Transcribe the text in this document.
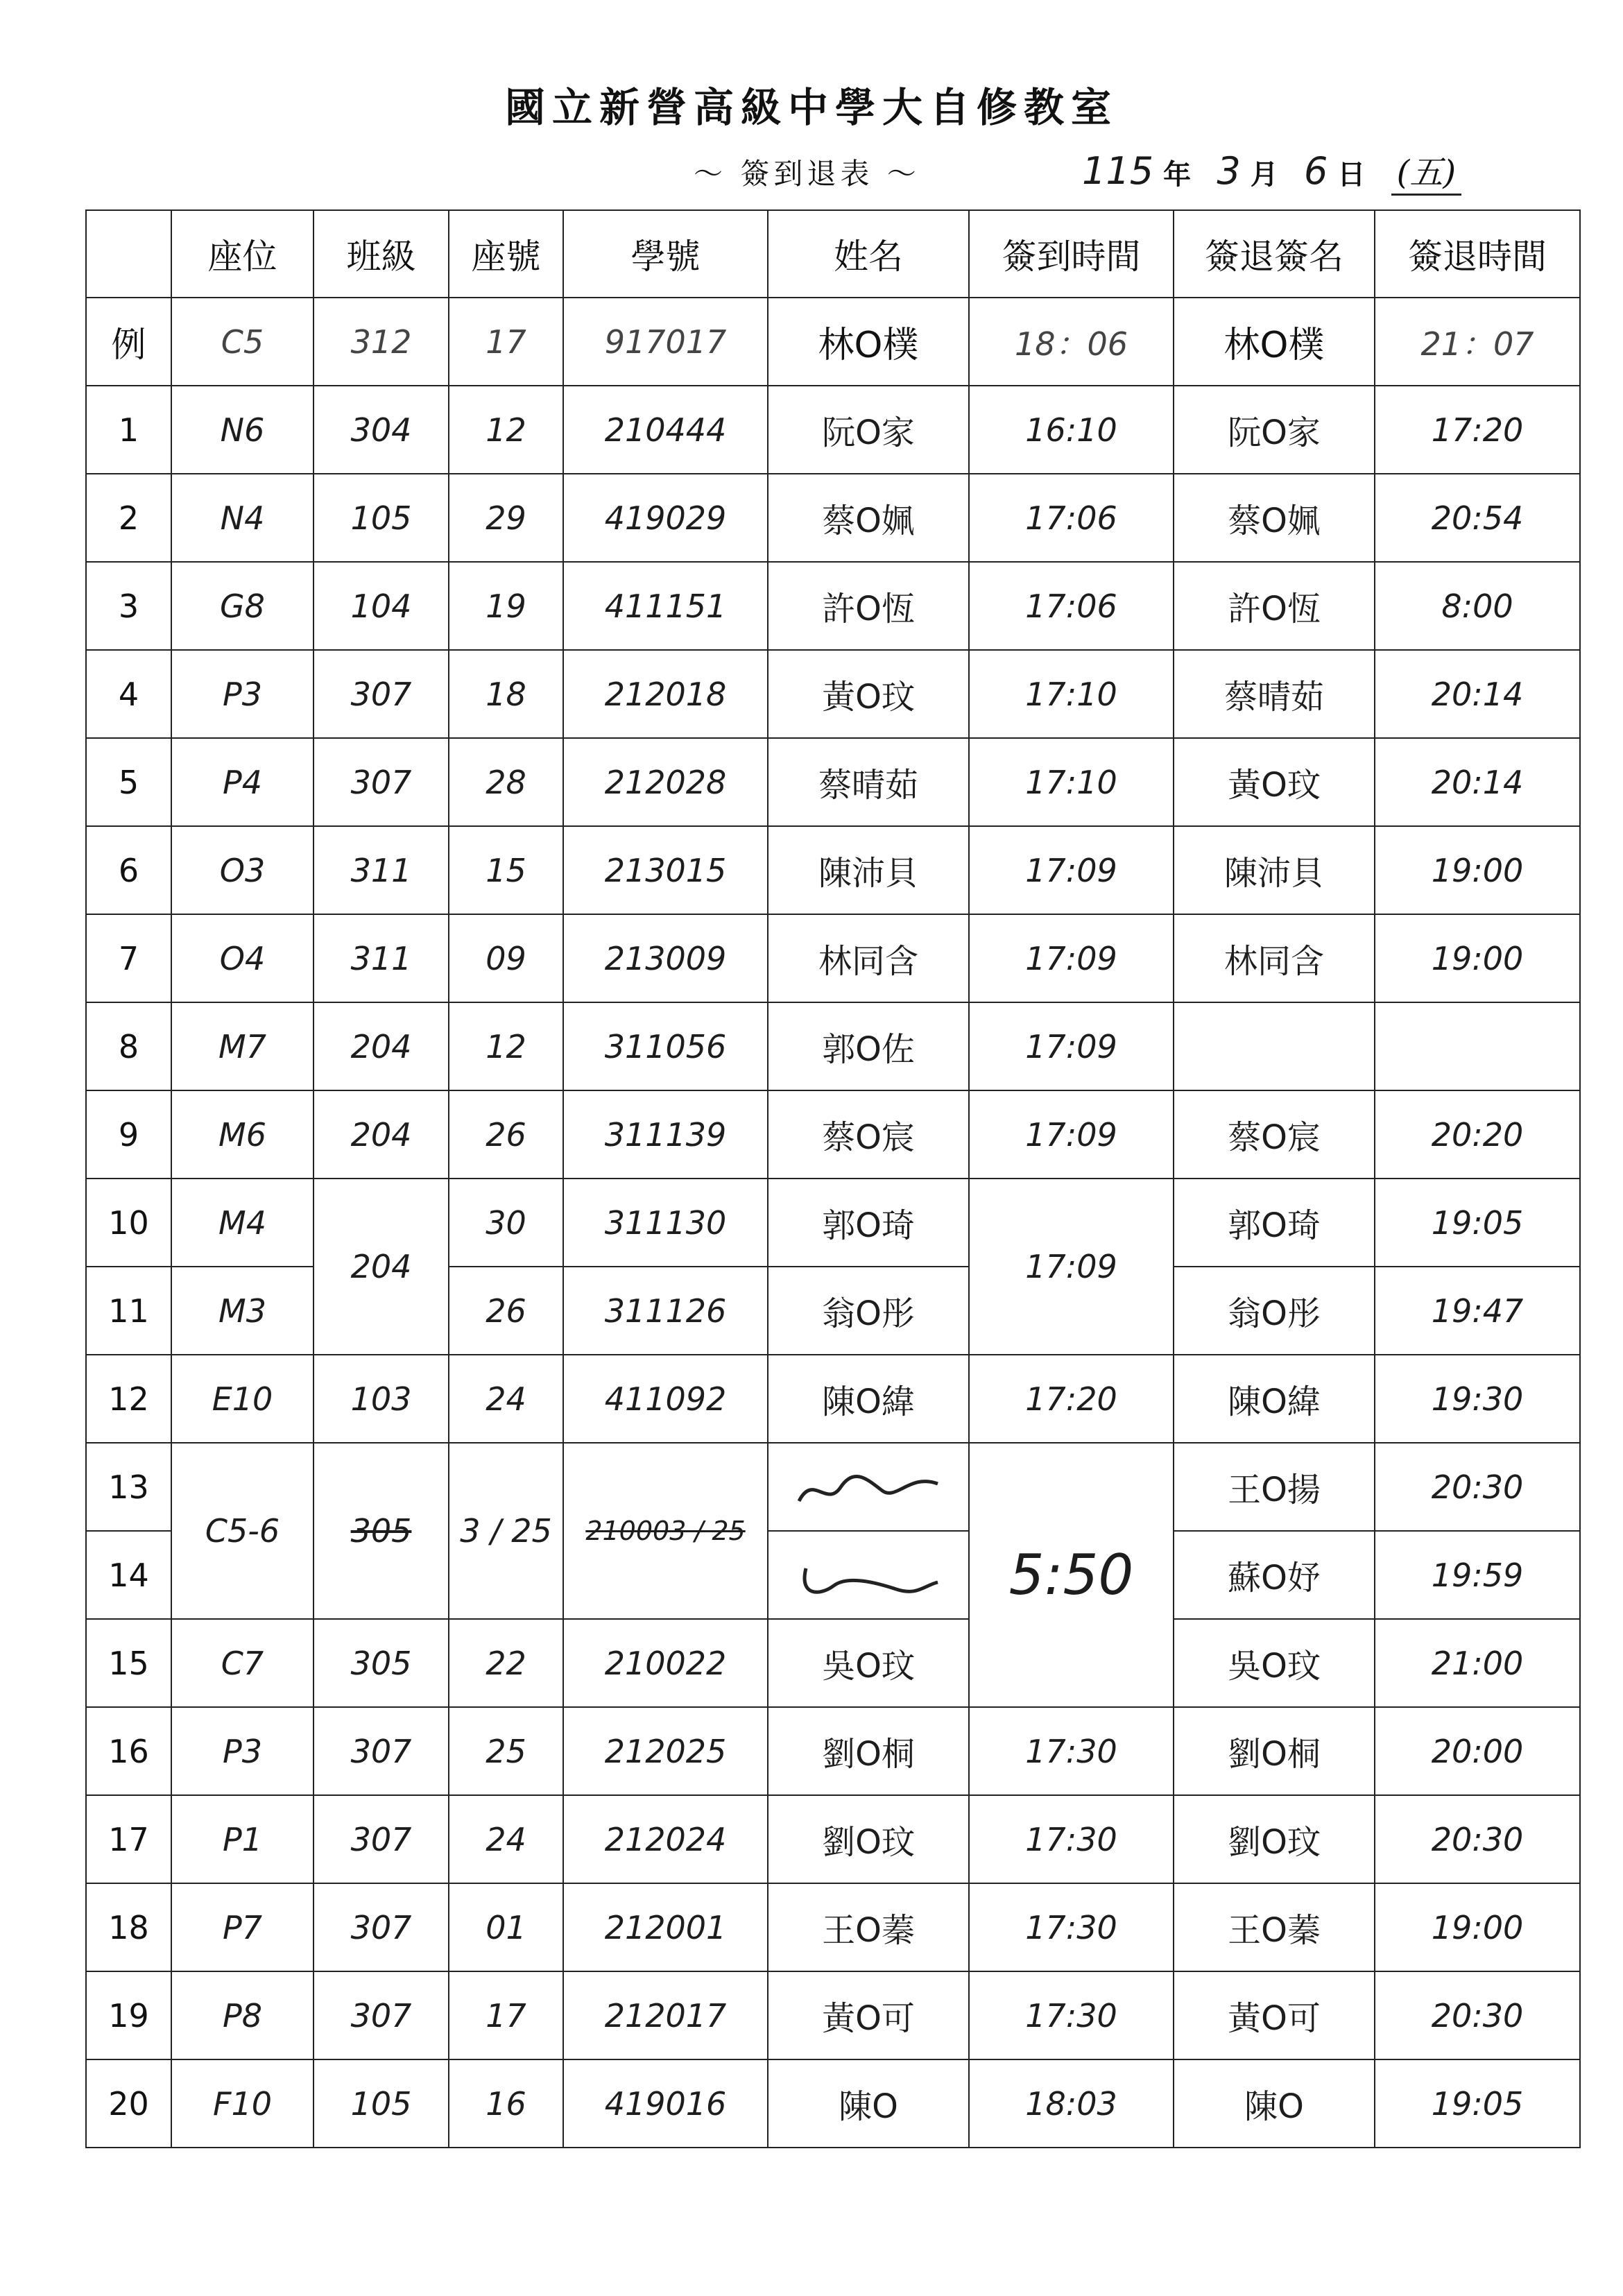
國立新營高級中學大自修教室
～ 簽到退表 ～	115 年 3 月 6 日 (五)
	座位	班級	座號	學號	姓名	簽到時間	簽退簽名	簽退時間
例	C5	312	17	917017	林O樸	18：06	林O樸	21：07
1	N6	304	12	210444	阮O家	16:10	阮O家	17:20
2	N4	105	29	419029	蔡O姵	17:06	蔡O姵	20:54
3	G8	104	19	411151	許O恆	17:06	許O恆	8:00
4	P3	307	18	212018	黃O玟	17:10	蔡晴茹	20:14
5	P4	307	28	212028	蔡晴茹	17:10	黃O玟	20:14
6	O3	311	15	213015	陳沛貝	17:09	陳沛貝	19:00
7	O4	311	09	213009	林同含	17:09	林同含	19:00
8	M7	204	12	311056	郭O佐	17:09		
9	M6	204	26	311139	蔡O宸	17:09	蔡O宸	20:20
10	M4	204	30	311130	郭O琦	17:09	郭O琦	19:05
11	M3		26	311126	翁O彤		翁O彤	19:47
12	E10	103	24	411092	陳O緯	17:20	陳O緯	19:30
13	C5-6	305	3 / 25	210003 / 25		5:50	王O揚	20:30
14							蘇O妤	19:59
15	C7	305	22	210022	吳O玟		吳O玟	21:00
16	P3	307	25	212025	劉O桐	17:30	劉O桐	20:00
17	P1	307	24	212024	劉O玟	17:30	劉O玟	20:30
18	P7	307	01	212001	王O蓁	17:30	王O蓁	19:00
19	P8	307	17	212017	黃O可	17:30	黃O可	20:30
20	F10	105	16	419016	陳O	18:03	陳O	19:05
